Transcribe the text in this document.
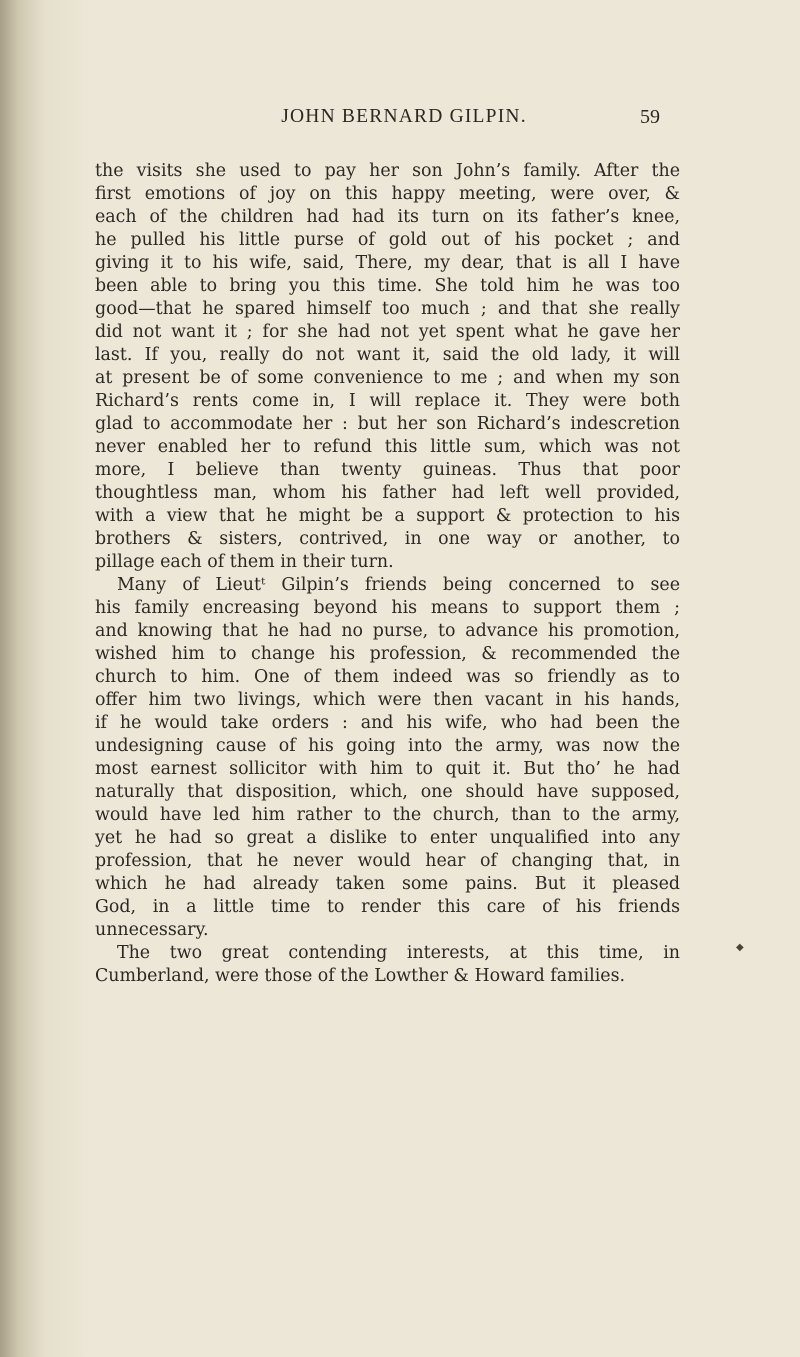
JOHN BERNARD GILPIN.	59
the visits she used to pay her son John’s family. After the
first emotions of joy on this happy meeting, were over, &
each of the children had had its turn on its father’s knee,
he pulled his little purse of gold out of his pocket ; and
giving it to his wife, said, There, my dear, that is all I have
been able to bring you this time. She told him he was too
good—that he spared himself too much ; and that she really
did not want it ; for she had not yet spent what he gave her
last. If you, really do not want it, said the old lady, it will
at present be of some convenience to me ; and when my son
Richard’s rents come in, I will replace it. They were both
glad to accommodate her : but her son Richard’s indescretion
never enabled her to refund this little sum, which was not
more, I believe than twenty guineas. Thus that poor
thoughtless man, whom his father had left well provided,
with a view that he might be a support & protection to his
brothers & sisters, contrived, in one way or another, to
pillage each of them in their turn.
Many of Lieutᵗ Gilpin’s friends being concerned to see
his family encreasing beyond his means to support them ;
and knowing that he had no purse, to advance his promotion,
wished him to change his profession, & recommended the
church to him. One of them indeed was so friendly as to
offer him two livings, which were then vacant in his hands,
if he would take orders : and his wife, who had been the
undesigning cause of his going into the army, was now the
most earnest sollicitor with him to quit it. But tho’ he had
naturally that disposition, which, one should have supposed,
would have led him rather to the church, than to the army,
yet he had so great a dislike to enter unqualified into any
profession, that he never would hear of changing that, in
which he had already taken some pains. But it pleased
God, in a little time to render this care of his friends
unnecessary.
The two great contending interests, at this time, in
Cumberland, were those of the Lowther & Howard families.
◆
